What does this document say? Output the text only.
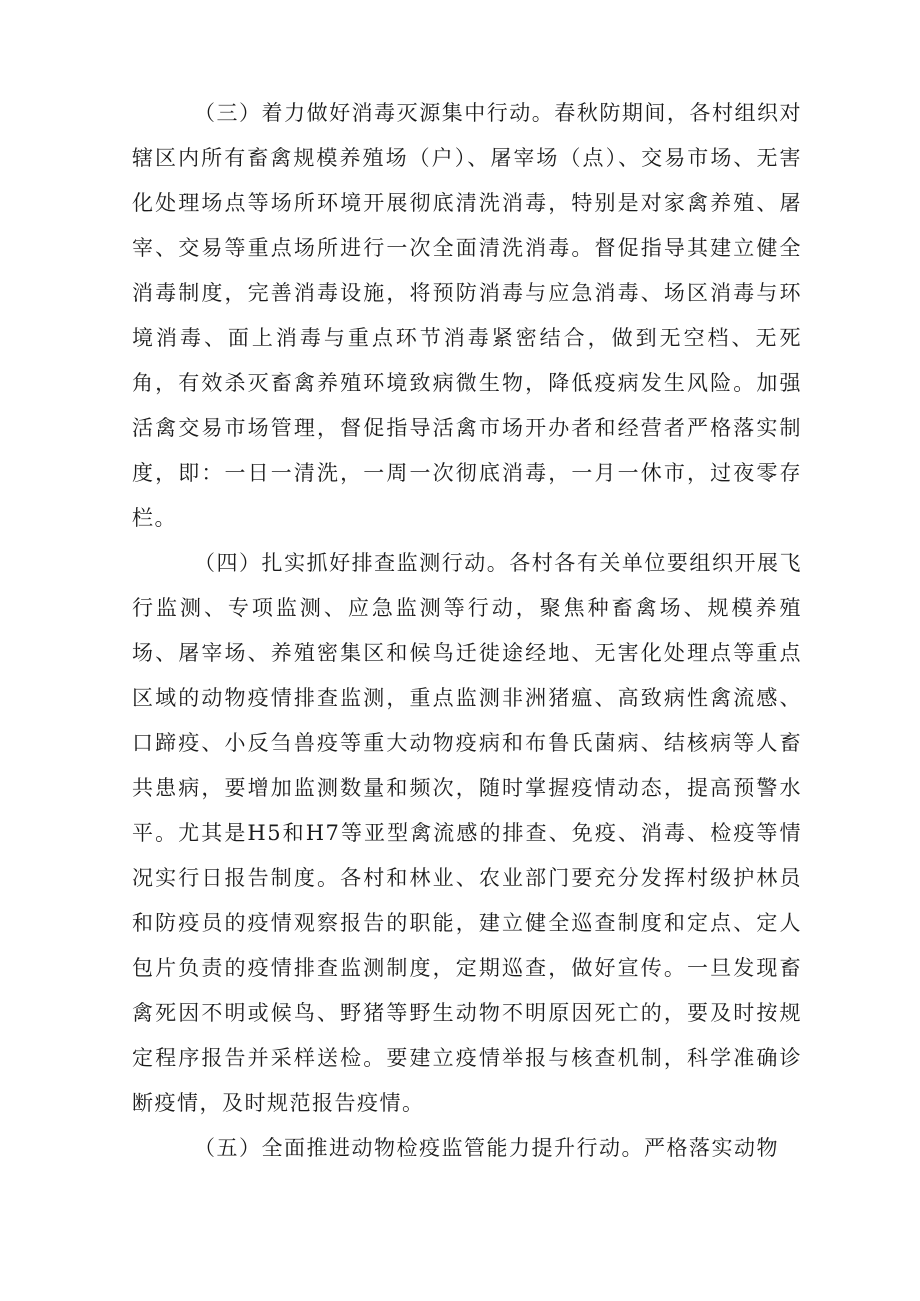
（三）着力做好消毒灭源集中行动。春秋防期间，各村组织对辖区内所有畜禽规模养殖场（户）、屠宰场（点）、交易市场、无害化处理场点等场所环境开展彻底清洗消毒，特别是对家禽养殖、屠宰、交易等重点场所进行一次全面清洗消毒。督促指导其建立健全消毒制度，完善消毒设施，将预防消毒与应急消毒、场区消毒与环境消毒、面上消毒与重点环节消毒紧密结合，做到无空档、无死角，有效杀灭畜禽养殖环境致病微生物，降低疫病发生风险。加强活禽交易市场管理，督促指导活禽市场开办者和经营者严格落实制度，即：一日一清洗，一周一次彻底消毒，一月一休市，过夜零存栏。

（四）扎实抓好排查监测行动。各村各有关单位要组织开展飞行监测、专项监测、应急监测等行动，聚焦种畜禽场、规模养殖场、屠宰场、养殖密集区和候鸟迁徙途经地、无害化处理点等重点区域的动物疫情排查监测，重点监测非洲猪瘟、高致病性禽流感、口蹄疫、小反刍兽疫等重大动物疫病和布鲁氏菌病、结核病等人畜共患病，要增加监测数量和频次，随时掌握疫情动态，提高预警水平。尤其是H5和H7等亚型禽流感的排查、免疫、消毒、检疫等情况实行日报告制度。各村和林业、农业部门要充分发挥村级护林员和防疫员的疫情观察报告的职能，建立健全巡查制度和定点、定人包片负责的疫情排查监测制度，定期巡查，做好宣传。一旦发现畜禽死因不明或候鸟、野猪等野生动物不明原因死亡的，要及时按规定程序报告并采样送检。要建立疫情举报与核查机制，科学准确诊断疫情，及时规范报告疫情。

（五）全面推进动物检疫监管能力提升行动。严格落实动物
